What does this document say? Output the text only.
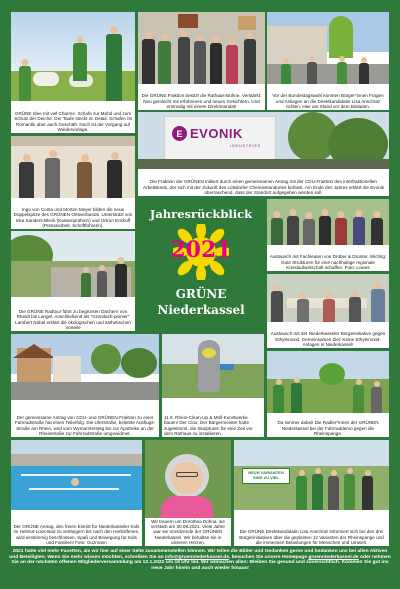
GRÜNE Idee mit viel Charme. Schafe zur Mahd und zum Schutz der Deiche. Der Taufe steckt im Detail. Schafen ist Romantik aber auch Geschäft. Noch ist der Vorgang auf Wiedervorlage.
Die GRÜNE Fraktion besitzt die Rathaus-Bühne. Verstärkt: Neu gemischt mit erfahrenen und neuen Gesichtern. Und erstmalig mit einem Direktmandat!
Vor der Bundestagswahl konnten Bürger*innen Fragen und Anliegen an die Direktkandidatin Lisa Anschütz richten. Hier am Stand vor dem Bioladen.
Ingo von Conta und Morten Meyer bilden die neue Doppelspitze des GRÜNEN Ortsverbands. Unterstützt von Inka Sanders-Bleck (Kassenprüferin) und Ortrun Eckhoff (Pressearbeit, Schriftführerin).
E EVONIK
INDUSTRIES
Die Fraktion der GRÜNEN initiiert durch einen gemeinsamen Antrag mit der CDU-Fraktion den interfraktionellen Arbeitskreis, der sich mit der Zukunft des Lülsdorfer Chemiestandortes befasst. Am Ende des Jahres erklärt die Evonik überraschend, dass der Standort aufgegeben werden soll.
Jahresrückblick
2021
GRÜNE
Niederkassel
Austausch mit Fachleuten von Drüber & Drunter. Wichtig: Gute Strukturen für eine nachhaltige regionale Kreislaufwirtschaft schaffen. Foto: Lowes
Die GRÜNE Radtour führt zu begrünten Dächern von Rheidt bis Langel. Anschließend als "Gründach-pionier" Lambert Nöbel erklärt die ökologischen und ästhetischen Vorteile
Austausch mit der Niederkasseler Bürgerinitiative gegen Ethylenoxid. Gemeinsames Ziel: Keine Ethylenoxid-Anlagen in Niederkassel!
Der gemeinsame Antrag von CDU- und GRÜNEN-Fraktion zu einer Fahrradstraße hat einen Teilerfolg. Die Uferstraße, beliebte Ausflugs-Straße am Rhein, wird vom Wymarntersteg bis zur Apotheke an der Rheinstraße zur Fahrradstraße umgewidmet.
11.9. Rhein-Clean-Up & Müll-Kunstwerke bauen! Der Clou: Der Bürgermeister hatte zugestimmt, die Skulpturen für eine Zeit vor dem Rathaus zu installieren.
Da simmer dabei! Die Radler*innen der GRÜNEN Niederkassel bei der Fahrraddemo gegen die Rheinspange.
Der GRÜNE Antrag, den freien Eintritt für Niederkasseler Kids im Helmut-Loos-Bad zu verlängern bis nach den Herbstferien, wird einstimmig beschlossen. Spaß und Bewegung für Kids und Familien! Foto: Guzmann
Wir trauern um Dorothea Dohna, sie verstarb am 30.08.2021. Viele Jahre war sie Vorsitzende der GRÜNEN Niederkassel. Wir behalten sie in unseren Herzen.
NEUN VARIANTEN SIND ZU VIEL
Die GRÜNE Direktkandidatin Lisa Anschütz informiert sich bei den drei Bürgerinitiativen über die geplanten 12 Varianten der Rheinspange und die immensen Belastungen für Menschen und Umwelt.
2021 hatte viel mehr Facetten, als wir hier auf einer Seite zusammenstellen können. Wir teilen die Bilder und Gedanken gerne und bedanken uns bei allen Aktiven und Beteiligten. Wenn Sie mehr wissen möchten, schreiben Sie an info@gruenniederkassel.de, besuchen Sie unsere Homepage gruenniederkassel.de oder nehmen Sie an der nächsten offenen Mitgliederversammlung am 12.1.2022 um 19 Uhr teil. Wir wünschen allen: Bleiben Sie gesund und zuversichtlich. Kommen Sie gut ins neue Jahr hinein und auch wieder hinaus!
